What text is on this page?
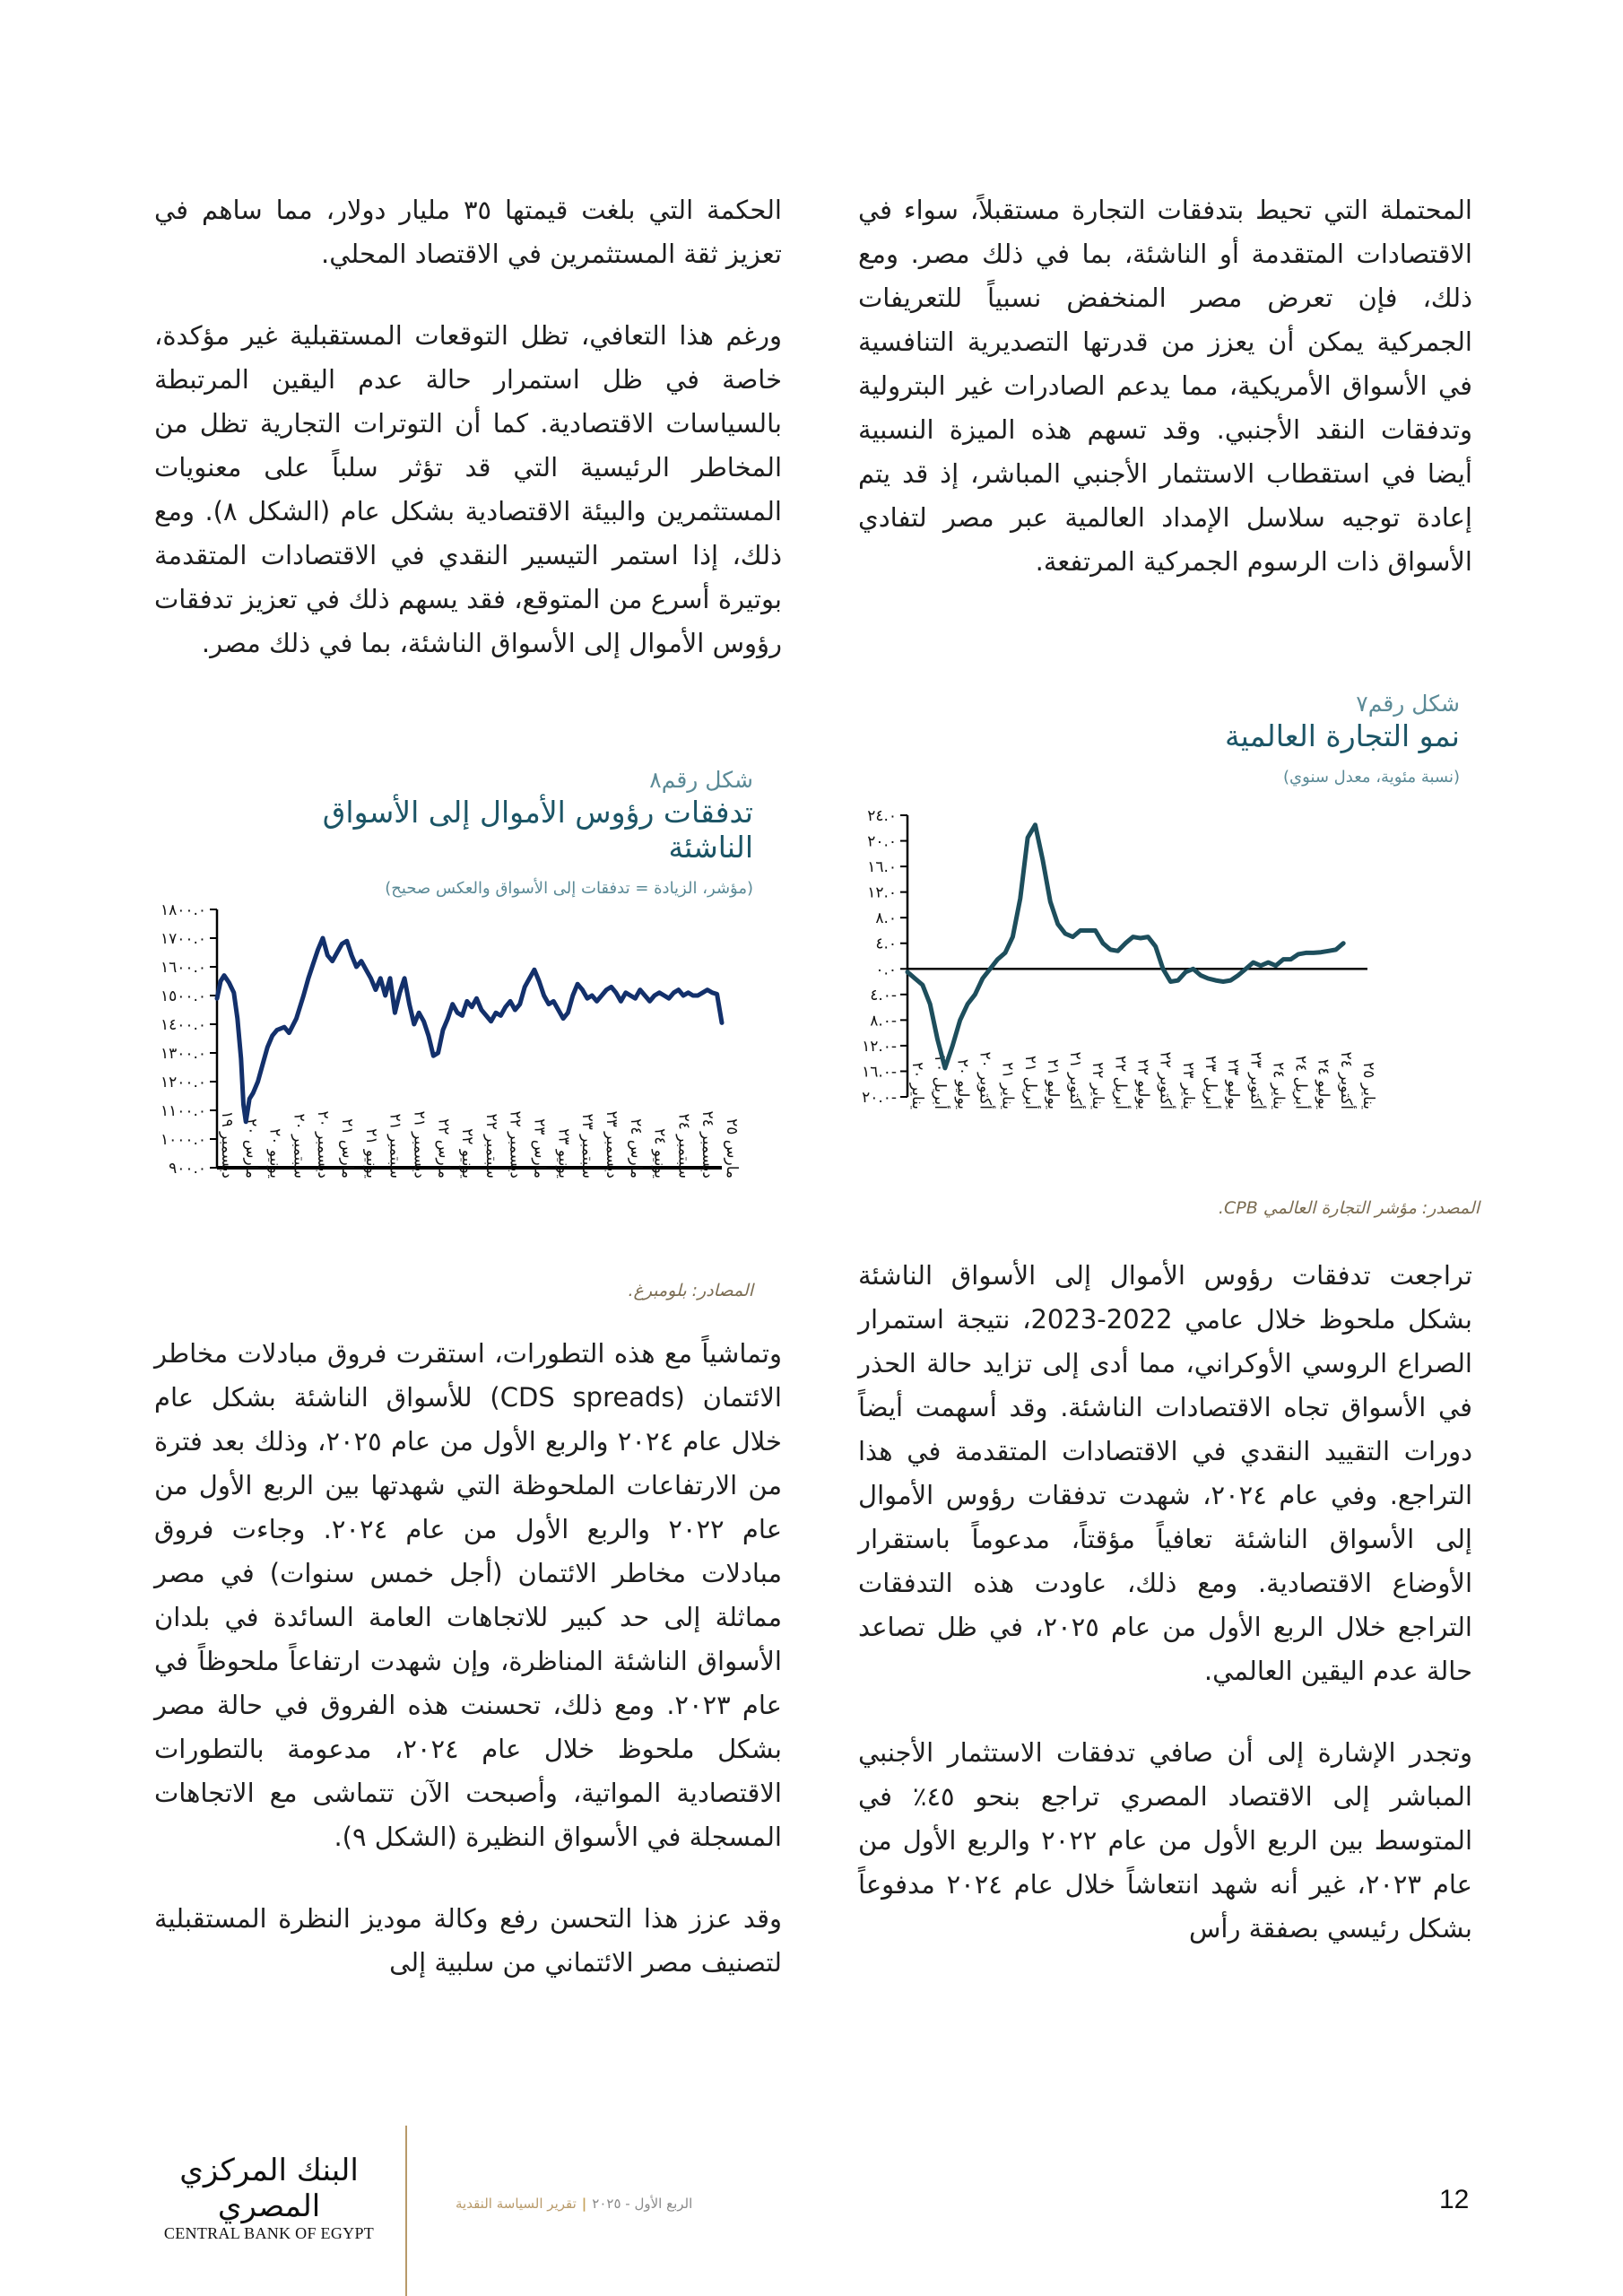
المحتملة التي تحيط بتدفقات التجارة مستقبلاً، سواء في الاقتصادات المتقدمة أو الناشئة، بما في ذلك مصر. ومع ذلك، فإن تعرض مصر المنخفض نسبياً للتعريفات الجمركية يمكن أن يعزز من قدرتها التصديرية التنافسية في الأسواق الأمريكية، مما يدعم الصادرات غير البترولية وتدفقات النقد الأجنبي. وقد تسهم هذه الميزة النسبية أيضا في استقطاب الاستثمار الأجنبي المباشر، إذ قد يتم إعادة توجيه سلاسل الإمداد العالمية عبر مصر لتفادي الأسواق ذات الرسوم الجمركية المرتفعة.

شكل رقم٧
نمو التجارة العالمية
(نسبة مئوية، معدل سنوي)
٢٠.٠-
١٦.٠-
١٢.٠-
٨.٠-
٤.٠-
٠.٠
٤.٠
٨.٠
١٢.٠
١٦.٠
٢٠.٠
٢٤.٠
يناير ٢٠
أبريل ٢٠
يوليو ٢٠
أكتوبر ٢٠ يناير ٢١
أبريل ٢١
يوليو ٢١
أكتوبر ٢١ يناير ٢٢
أبريل ٢٢
يوليو ٢٢
أكتوبر ٢٢ يناير ٢٣
أبريل ٢٣
يوليو ٢٣
أكتوبر ٢٣ يناير ٢٤
أبريل ٢٤
يوليو ٢٤
أكتوبر ٢٤ يناير ٢٥
المصدر: مؤشر التجارة العالمي CPB.

تراجعت تدفقات رؤوس الأموال إلى الأسواق الناشئة بشكل ملحوظ خلال عامي 2022-2023، نتيجة استمرار الصراع الروسي الأوكراني، مما أدى إلى تزايد حالة الحذر في الأسواق تجاه الاقتصادات الناشئة. وقد أسهمت أيضاً دورات التقييد النقدي في الاقتصادات المتقدمة في هذا التراجع. وفي عام ٢٠٢٤، شهدت تدفقات رؤوس الأموال إلى الأسواق الناشئة تعافياً مؤقتاً، مدعوماً باستقرار الأوضاع الاقتصادية. ومع ذلك، عاودت هذه التدفقات التراجع خلال الربع الأول من عام ٢٠٢٥، في ظل تصاعد حالة عدم اليقين العالمي.

وتجدر الإشارة إلى أن صافي تدفقات الاستثمار الأجنبي المباشر إلى الاقتصاد المصري تراجع بنحو ٤٥٪ في المتوسط بين الربع الأول من عام ٢٠٢٢ والربع الأول من عام ٢٠٢٣، غير أنه شهد انتعاشاً خلال عام ٢٠٢٤ مدفوعاً بشكل رئيسي بصفقة رأس

الحكمة التي بلغت قيمتها ٣٥ مليار دولار، مما ساهم في تعزيز ثقة المستثمرين في الاقتصاد المحلي.

ورغم هذا التعافي، تظل التوقعات المستقبلية غير مؤكدة، خاصة في ظل استمرار حالة عدم اليقين المرتبطة بالسياسات الاقتصادية. كما أن التوترات التجارية تظل من المخاطر الرئيسية التي قد تؤثر سلباً على معنويات المستثمرين والبيئة الاقتصادية بشكل عام (الشكل ٨). ومع ذلك، إذا استمر التيسير النقدي في الاقتصادات المتقدمة بوتيرة أسرع من المتوقع، فقد يسهم ذلك في تعزيز تدفقات رؤوس الأموال إلى الأسواق الناشئة، بما في ذلك مصر.

شكل رقم٨
تدفقات رؤوس الأموال إلى الأسواق الناشئة
(مؤشر، الزيادة = تدفقات إلى الأسواق والعكس صحيح)
٩٠٠.٠
١٠٠٠.٠
١١٠٠.٠
١٢٠٠.٠
١٣٠٠.٠
١٤٠٠.٠
١٥٠٠.٠
١٦٠٠.٠
١٧٠٠.٠
١٨٠٠.٠
ديسمبر ١٩
مارس ٢٠ يونيو ٢٠
سبتمبر ٢٠
ديسمبر ٢٠
مارس ٢١ يونيو ٢١
سبتمبر ٢١
ديسمبر ٢١
مارس ٢٢ يونيو ٢٢
سبتمبر ٢٢
ديسمبر ٢٢
مارس ٢٣ يونيو ٢٣
سبتمبر ٢٣
ديسمبر ٢٣
مارس ٢٤ يونيو ٢٤
سبتمبر ٢٤
ديسمبر ٢٤
مارس ٢٥
المصادر: بلومبرغ.

وتماشياً مع هذه التطورات، استقرت فروق مبادلات مخاطر الائتمان (CDS spreads) للأسواق الناشئة بشكل عام خلال عام ٢٠٢٤ والربع الأول من عام ٢٠٢٥، وذلك بعد فترة من الارتفاعات الملحوظة التي شهدتها بين الربع الأول من عام ٢٠٢٢ والربع الأول من عام ٢٠٢٤. وجاءت فروق مبادلات مخاطر الائتمان (أجل خمس سنوات) في مصر مماثلة إلى حد كبير للاتجاهات العامة السائدة في بلدان الأسواق الناشئة المناظرة، وإن شهدت ارتفاعاً ملحوظاً في عام ٢٠٢٣. ومع ذلك، تحسنت هذه الفروق في حالة مصر بشكل ملحوظ خلال عام ٢٠٢٤، مدعومة بالتطورات الاقتصادية المواتية، وأصبحت الآن تتماشى مع الاتجاهات المسجلة في الأسواق النظيرة (الشكل ٩).

وقد عزز هذا التحسن رفع وكالة موديز النظرة المستقبلية لتصنيف مصر الائتماني من سلبية إلى

البنك المركزي المصري
CENTRAL BANK OF EGYPT
الربع الأول - ٢٠٢٥|تقرير السياسة النقدية	12
